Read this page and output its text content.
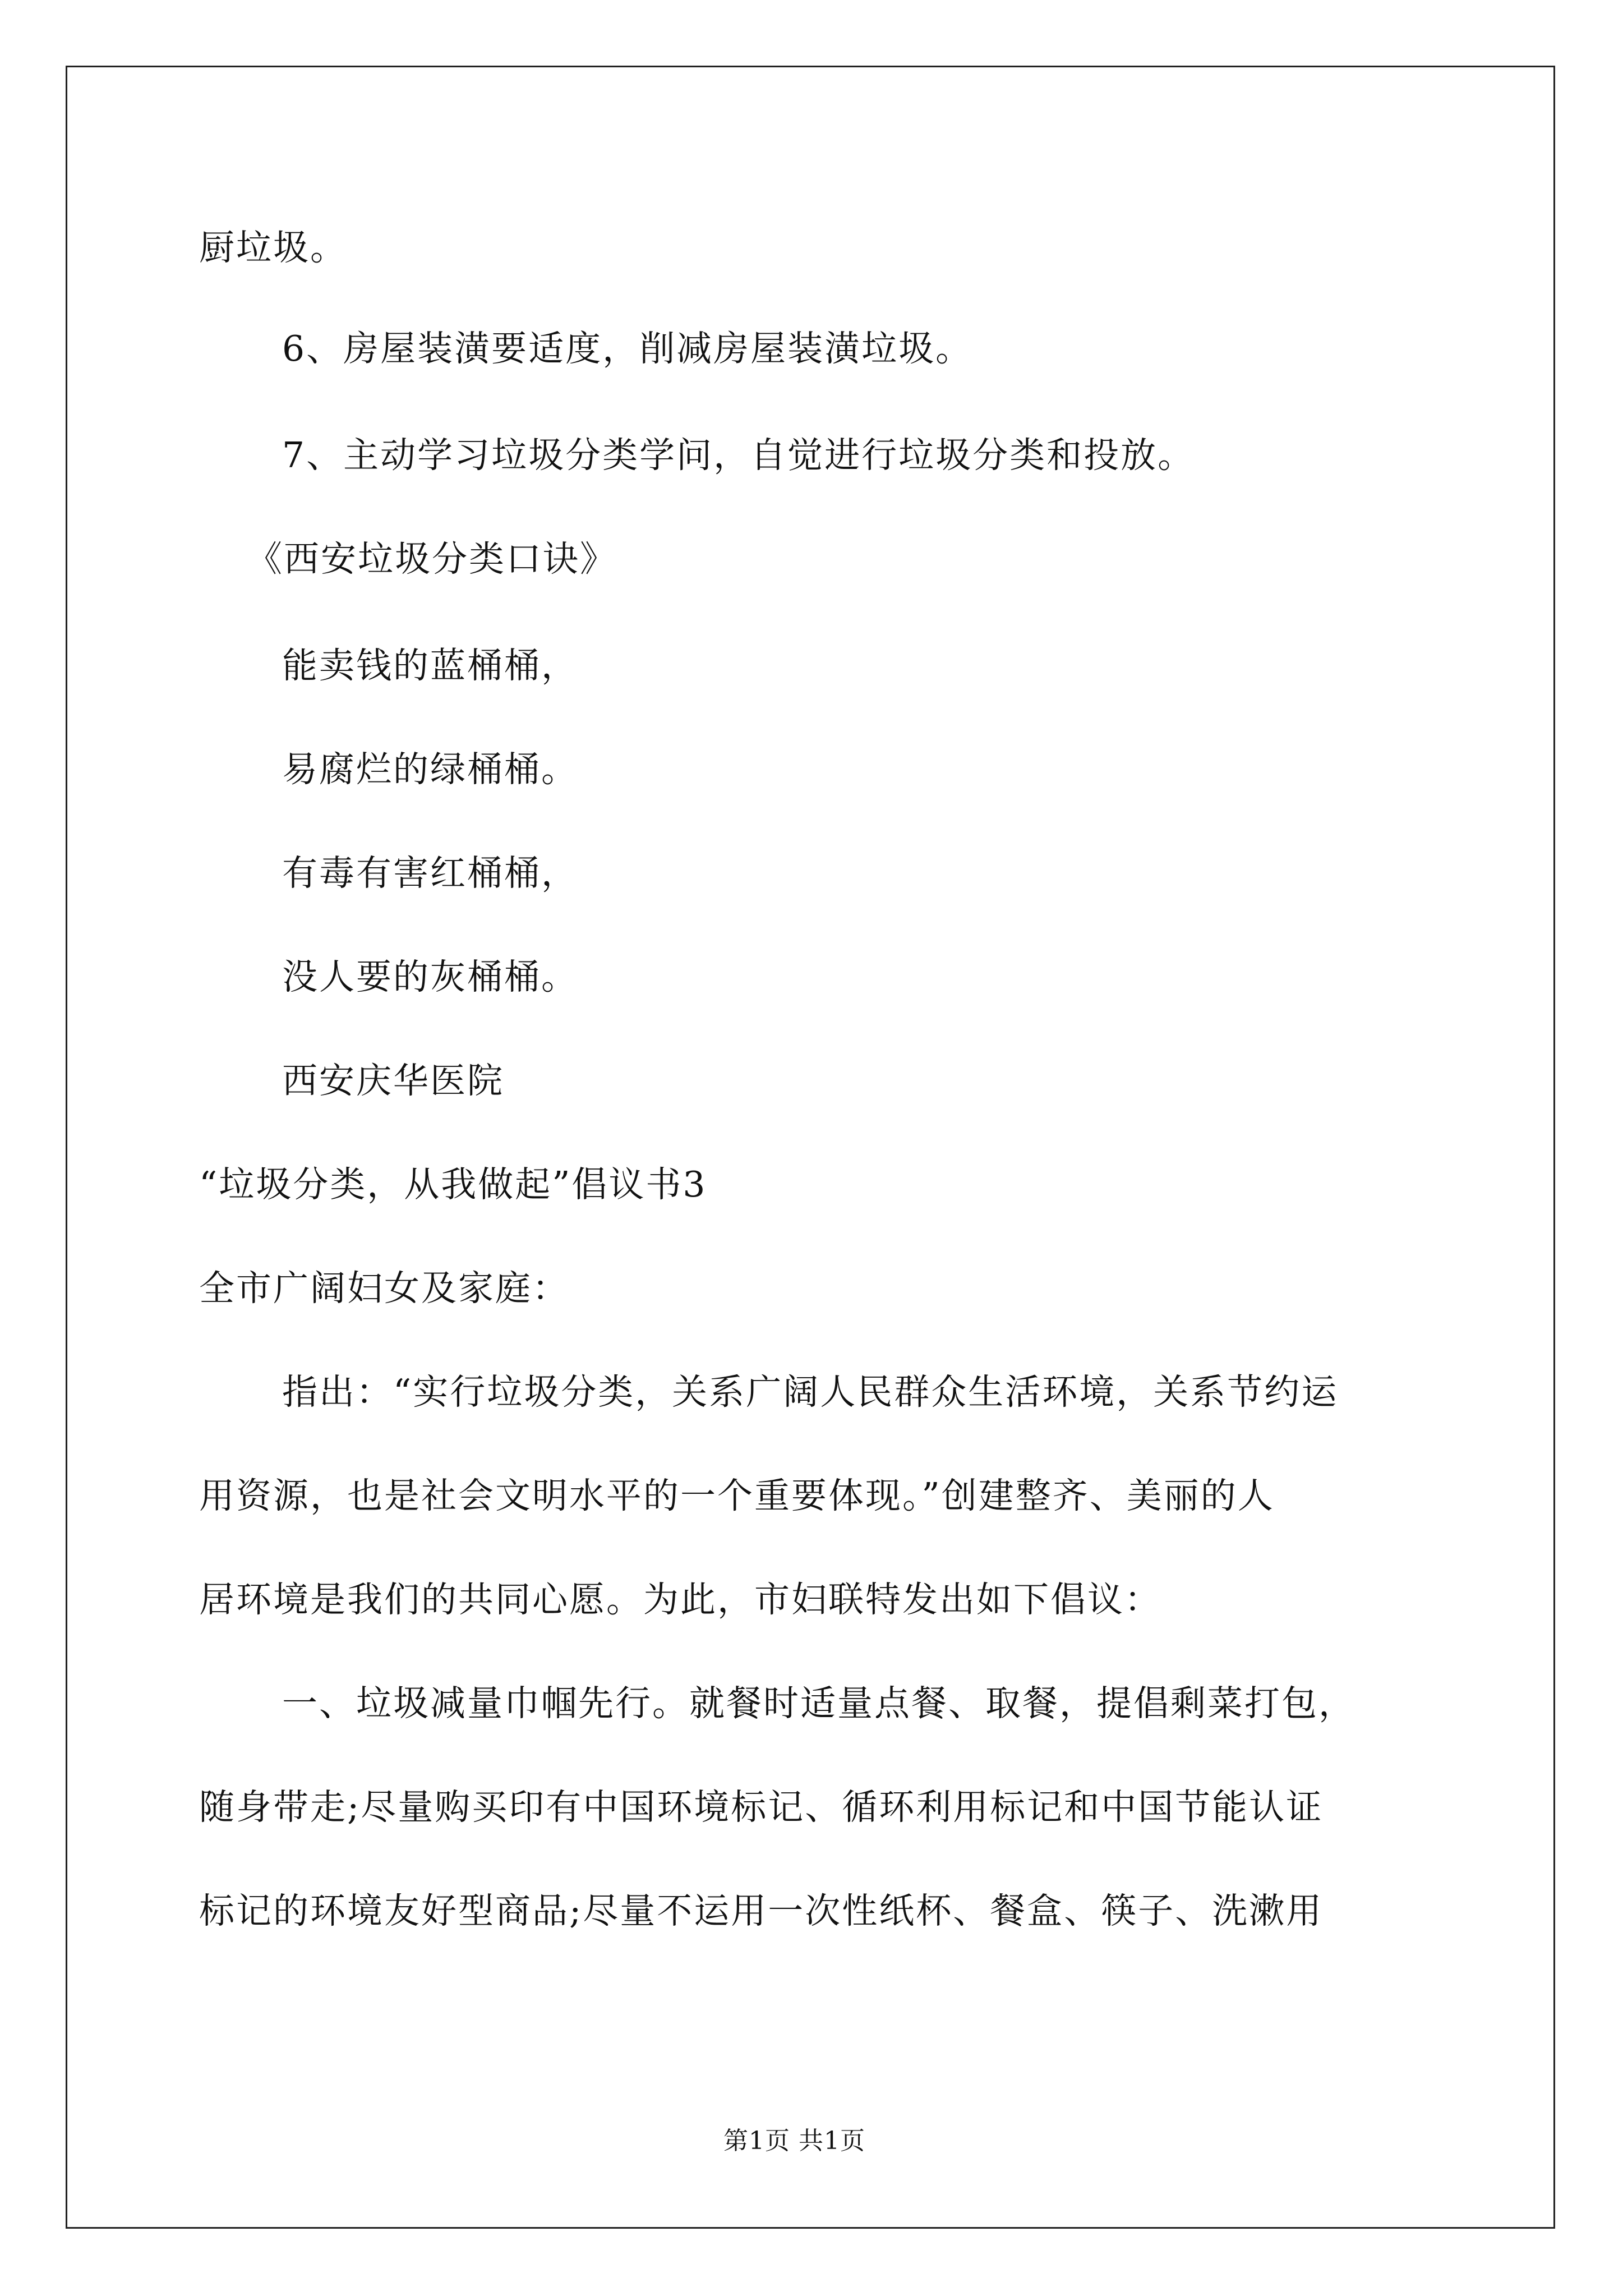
厨垃圾。
6、房屋装潢要适度，削减房屋装潢垃圾。
7、主动学习垃圾分类学问，自觉进行垃圾分类和投放。
《西安垃圾分类口诀》
能卖钱的蓝桶桶，
易腐烂的绿桶桶。
有毒有害红桶桶，
没人要的灰桶桶。
西安庆华医院
“垃圾分类，从我做起”倡议书3
全市广阔妇女及家庭：
指出：“实行垃圾分类，关系广阔人民群众生活环境，关系节约运
用资源，也是社会文明水平的一个重要体现。”创建整齐、美丽的人
居环境是我们的共同心愿。为此，市妇联特发出如下倡议：
一、垃圾减量巾帼先行。就餐时适量点餐、取餐，提倡剩菜打包，
随身带走;尽量购买印有中国环境标记、循环利用标记和中国节能认证
标记的环境友好型商品;尽量不运用一次性纸杯、餐盒、筷子、洗漱用
第1页 共1页
